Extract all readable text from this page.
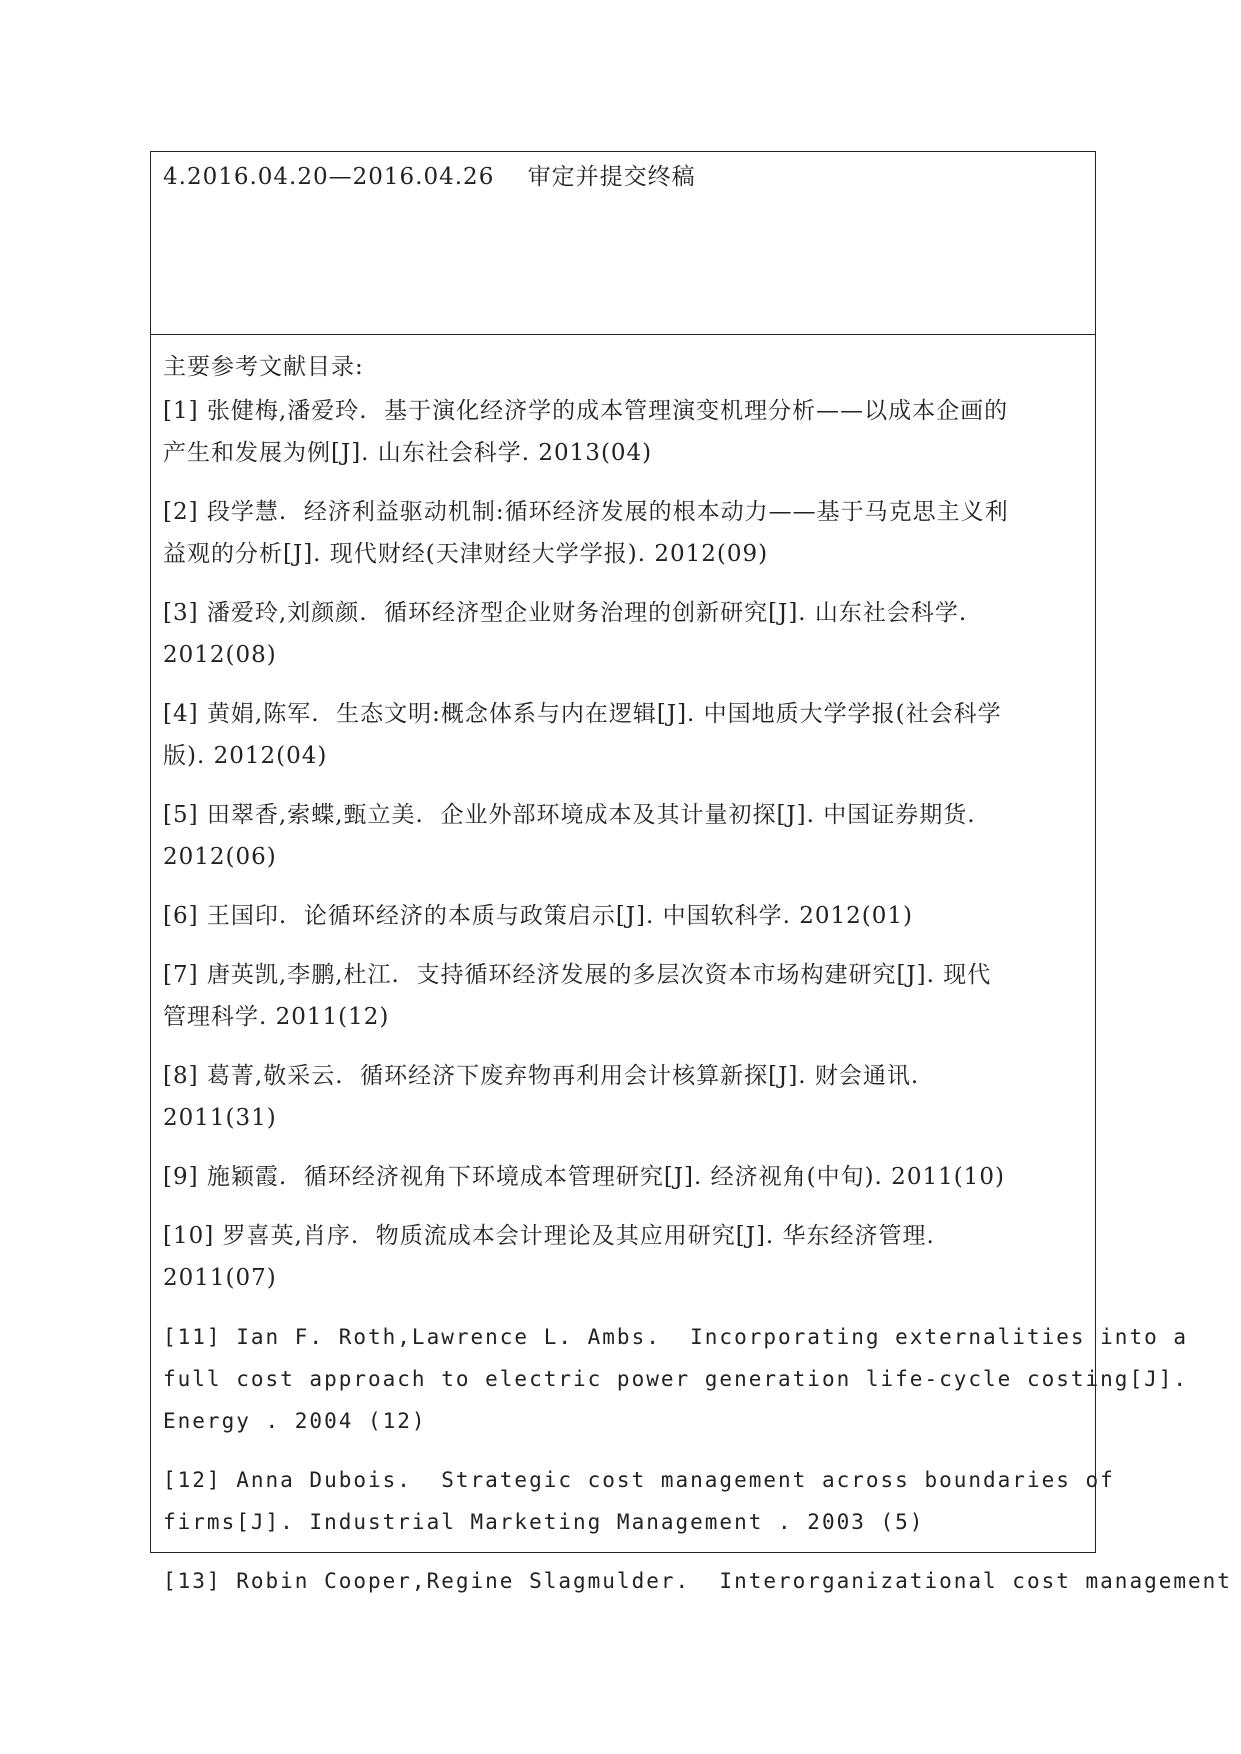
4.2016.04.20—2016.04.26    审定并提交终稿
主要参考文献目录:
[1] 张健梅,潘爱玲.  基于演化经济学的成本管理演变机理分析——以成本企画的
产生和发展为例[J]. 山东社会科学. 2013(04)
[2] 段学慧.  经济利益驱动机制:循环经济发展的根本动力——基于马克思主义利
益观的分析[J]. 现代财经(天津财经大学学报). 2012(09)
[3] 潘爱玲,刘颜颜.  循环经济型企业财务治理的创新研究[J]. 山东社会科学.
2012(08)
[4] 黄娟,陈军.  生态文明:概念体系与内在逻辑[J]. 中国地质大学学报(社会科学
版). 2012(04)
[5] 田翠香,索蝶,甄立美.  企业外部环境成本及其计量初探[J]. 中国证券期货.
2012(06)
[6] 王国印.  论循环经济的本质与政策启示[J]. 中国软科学. 2012(01)
[7] 唐英凯,李鹏,杜江.  支持循环经济发展的多层次资本市场构建研究[J]. 现代
管理科学. 2011(12)
[8] 葛菁,敬采云.  循环经济下废弃物再利用会计核算新探[J]. 财会通讯.
2011(31)
[9] 施颖霞.  循环经济视角下环境成本管理研究[J]. 经济视角(中旬). 2011(10)
[10] 罗喜英,肖序.  物质流成本会计理论及其应用研究[J]. 华东经济管理.
2011(07)
[11] Ian F. Roth,Lawrence L. Ambs.  Incorporating externalities into a
full cost approach to electric power generation life-cycle costing[J].
Energy . 2004 (12)
[12] Anna Dubois.  Strategic cost management across boundaries of
firms[J]. Industrial Marketing Management . 2003 (5)
[13] Robin Cooper,Regine Slagmulder.  Interorganizational cost management
